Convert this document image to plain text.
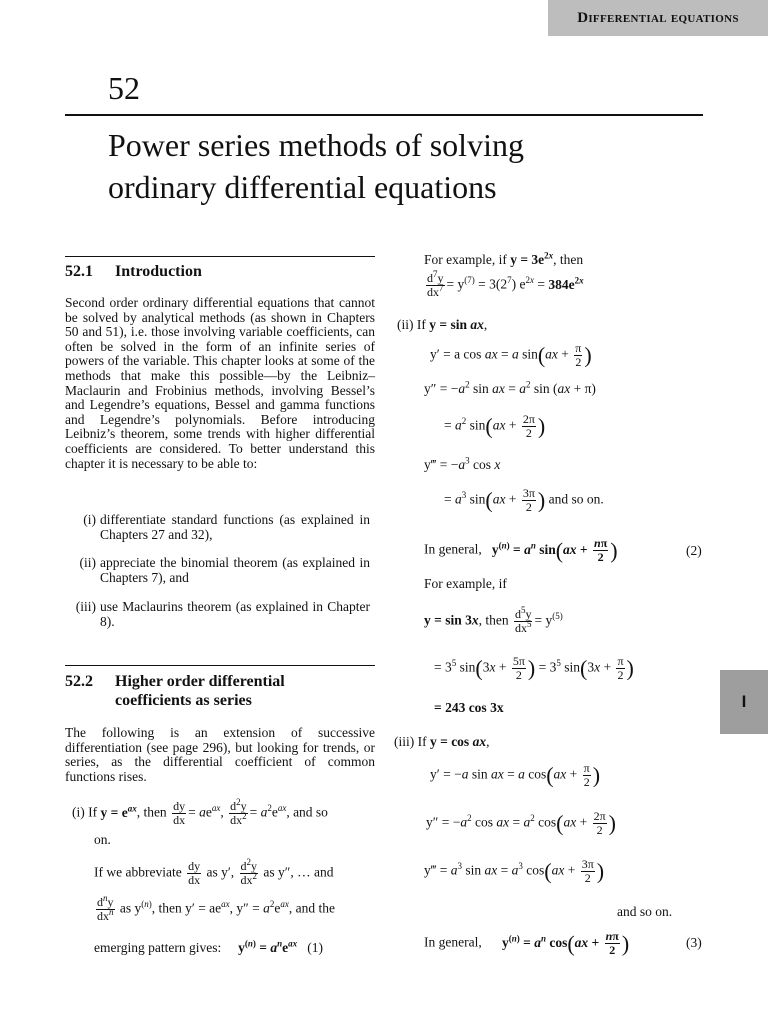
Differential equations
I
52
Power series methods of solving
ordinary differential equations
52.1 Introduction
Second order ordinary differential equations that cannot be solved by analytical methods (as shown in Chapters 50 and 51), i.e. those involving variable coefficients, can often be solved in the form of an infinite series of powers of the variable. This chapter looks at some of the methods that make this possible—by the Leibniz–Maclaurin and Frobinius methods, involving Bessel’s and Legendre’s equations, Bessel and gamma functions and Legendre’s polynomials. Before introducing Leibniz’s theorem, some trends with higher differential coefficients are considered. To better understand this chapter it is necessary to be able to:
(i) differentiate standard functions (as explained in Chapters 27 and 32),
(ii) appreciate the binomial theorem (as explained in Chapters 7), and
(iii) use Maclaurins theorem (as explained in Chapter 8).
52.2 Higher order differential
coefficients as series
The following is an extension of successive differentiation (see page 296), but looking for trends, or series, as the differential coefficient of common functions rises.
(i) If $y = e^{ax}$, then $\frac{dy}{dx} = ae^{ax}$, $\frac{d^2y}{dx^2} = a^2e^{ax}$, and so
on.
If we abbreviate $\frac{dy}{dx}$ as y′, $\frac{d^2y}{dx^2}$ as y″, … and
$\frac{d^ny}{dx^n}$ as $y^{(n)}$, then $y' = ae^{ax}$, $y'' = a^2e^{ax}$, and the
emerging pattern gives: $y^{(n)} = a^ne^{ax}$ (1)
For example, if $y = 3e^{2x}$, then
$\frac{d^7y}{dx^7} = y^{(7)} = 3(2^7) e^{2x} = 384e^{2x}$
(ii) If y = sin ax,
y′ = a cos ax = a $\sin(ax + \frac{\pi}{2}$ )
$y'' = -a^2$ sin ax = $a^2$ sin (ax + π)
= $a^2$ $\sin(ax + \frac{2\pi}{2}$ )
y‴ = $-a^3$ cos x
= $a^3$ $\sin(ax + \frac{3\pi}{2}$ ) and so on.
In general, $y^{(n)} = a^n$ $\sin(ax + \frac{n\pi}{2}$ )	(2)
For example, if
y = sin 3x, then $\frac{d^5y}{dx^5} = y^{(5)}$
= $3^5$ $\sin(3x + \frac{5\pi}{2}$ ) = $3^5$ $\sin(3x + \frac{\pi}{2}$ )
= 243 cos 3x
(iii) If y = cos ax,
y′ = −a sin ax = a $\cos(ax + \frac{\pi}{2}$ )
$y'' = -a^2$ cos ax = $a^2$ $\cos(ax + \frac{2\pi}{2}$ )
y‴ = $a^3$ sin ax = $a^3$ $\cos(ax + \frac{3\pi}{2}$ )
and so on.
In general, $y^{(n)} = a^n$ $\cos(ax + \frac{n\pi}{2}$ )	(3)
